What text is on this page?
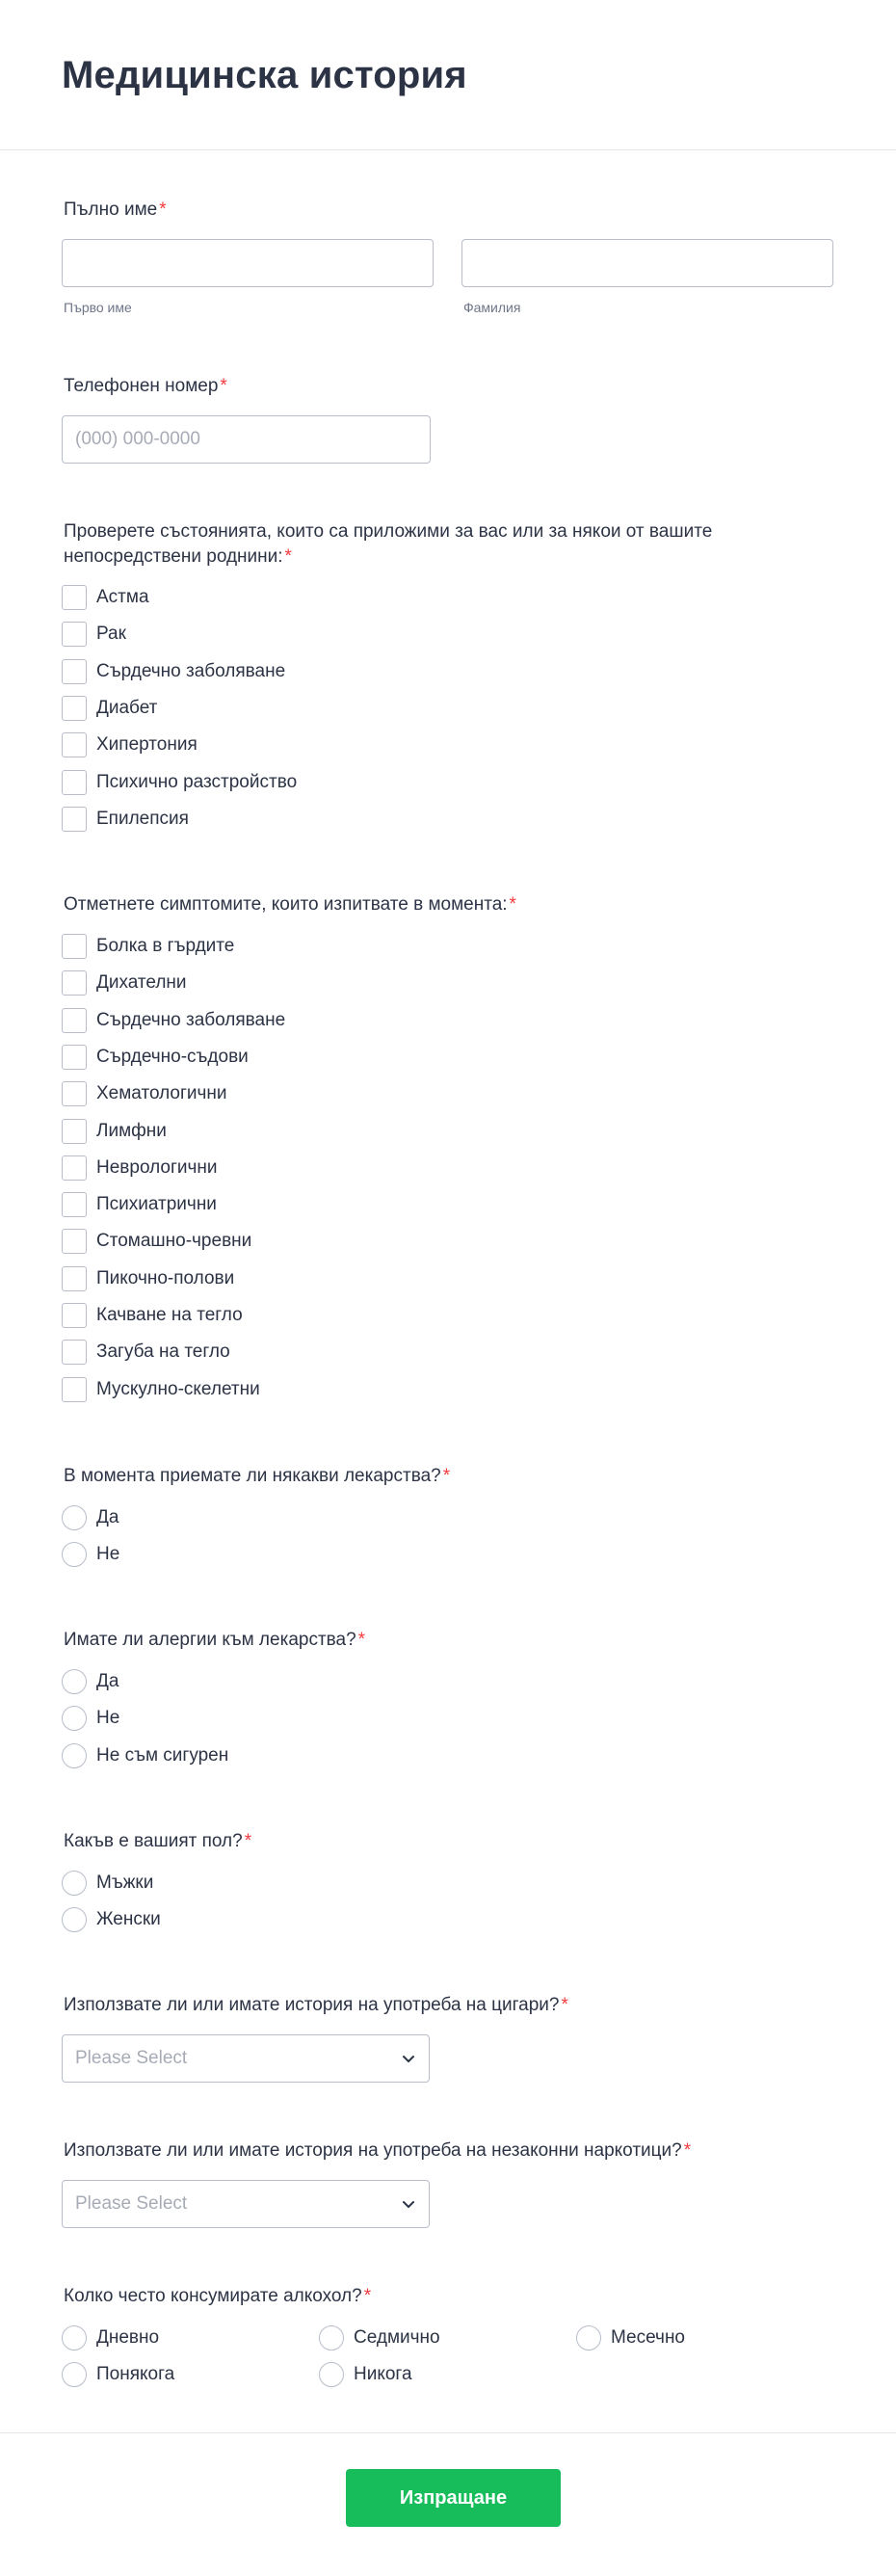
Медицинска история
Пълно име *
Първо име	Фамилия
Телефонен номер *
(000) 000-0000
Проверете състоянията, които са приложими за вас или за някои от вашите непосредствени роднини: *
Астма
Рак
Сърдечно заболяване
Диабет
Хипертония
Психично разстройство
Епилепсия
Отметнете симптомите, които изпитвате в момента: *
Болка в гърдите
Дихателни
Сърдечно заболяване
Сърдечно-съдови
Хематологични
Лимфни
Неврологични
Психиатрични
Стомашно-чревни
Пикочно-полови
Качване на тегло
Загуба на тегло
Мускулно-скелетни
В момента приемате ли някакви лекарства? *
Да
Не
Имате ли алергии към лекарства? *
Да
Не
Не съм сигурен
Какъв е вашият пол? *
Мъжки
Женски
Използвате ли или имате история на употреба на цигари? *
Please Select
Използвате ли или имате история на употреба на незаконни наркотици? *
Please Select
Колко често консумирате алкохол? *
Дневно	Седмично	Месечно
Понякога	Никога
Изпращане
